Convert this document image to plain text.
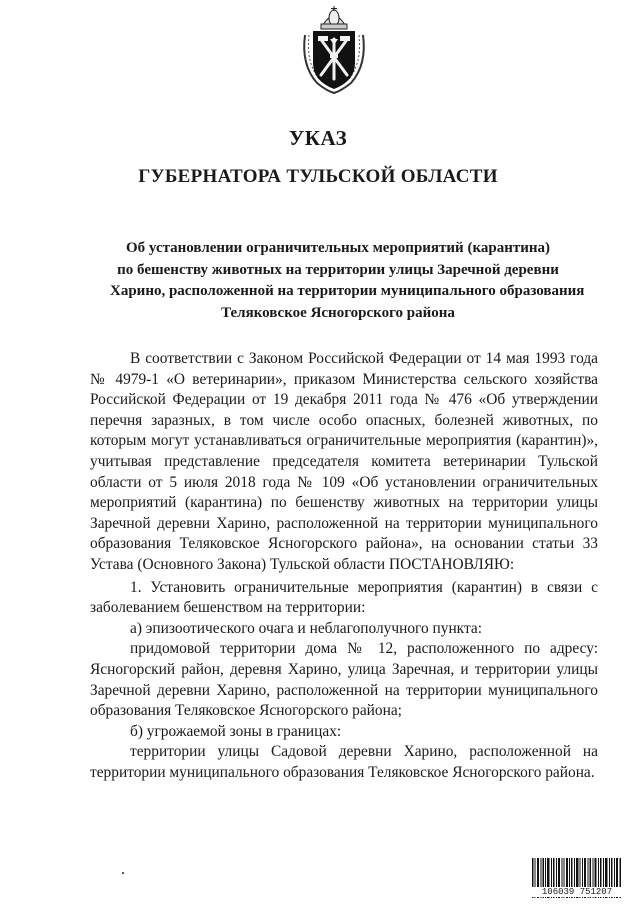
УКАЗ
ГУБЕРНАТОРА ТУЛЬСКОЙ ОБЛАСТИ
Об установлении ограничительных мероприятий (карантина)
по бешенству животных на территории улицы Заречной деревни
Харино, расположенной на территории муниципального образования
Теляковское Ясногорского района

В соответствии с Законом Российской Федерации от 14 мая 1993 года № 4979-1 «О ветеринарии», приказом Министерства сельского хозяйства Российской Федерации от 19 декабря 2011 года № 476 «Об утверждении перечня заразных, в том числе особо опасных, болезней животных, по которым могут устанавливаться ограничительные мероприятия (карантин)», учитывая представление председателя комитета ветеринарии Тульской области от 5 июля 2018 года № 109 «Об установлении ограничительных мероприятий (карантина) по бешенству животных на территории улицы Заречной деревни Харино, расположенной на территории муниципального образования Теляковское Ясногорского района», на основании статьи 33 Устава (Основного Закона) Тульской области ПОСТАНОВЛЯЮ:

1. Установить ограничительные мероприятия (карантин) в связи с заболеванием бешенством на территории:

а) эпизоотического очага и неблагополучного пункта:

придомовой территории дома № 12, расположенного по адресу: Ясногорский район, деревня Харино, улица Заречная, и территории улицы Заречной деревни Харино, расположенной на территории муниципального образования Теляковское Ясногорского района;

б) угрожаемой зоны в границах:

территории улицы Садовой деревни Харино, расположенной на территории муниципального образования Теляковское Ясногорского района.

106039 751207
